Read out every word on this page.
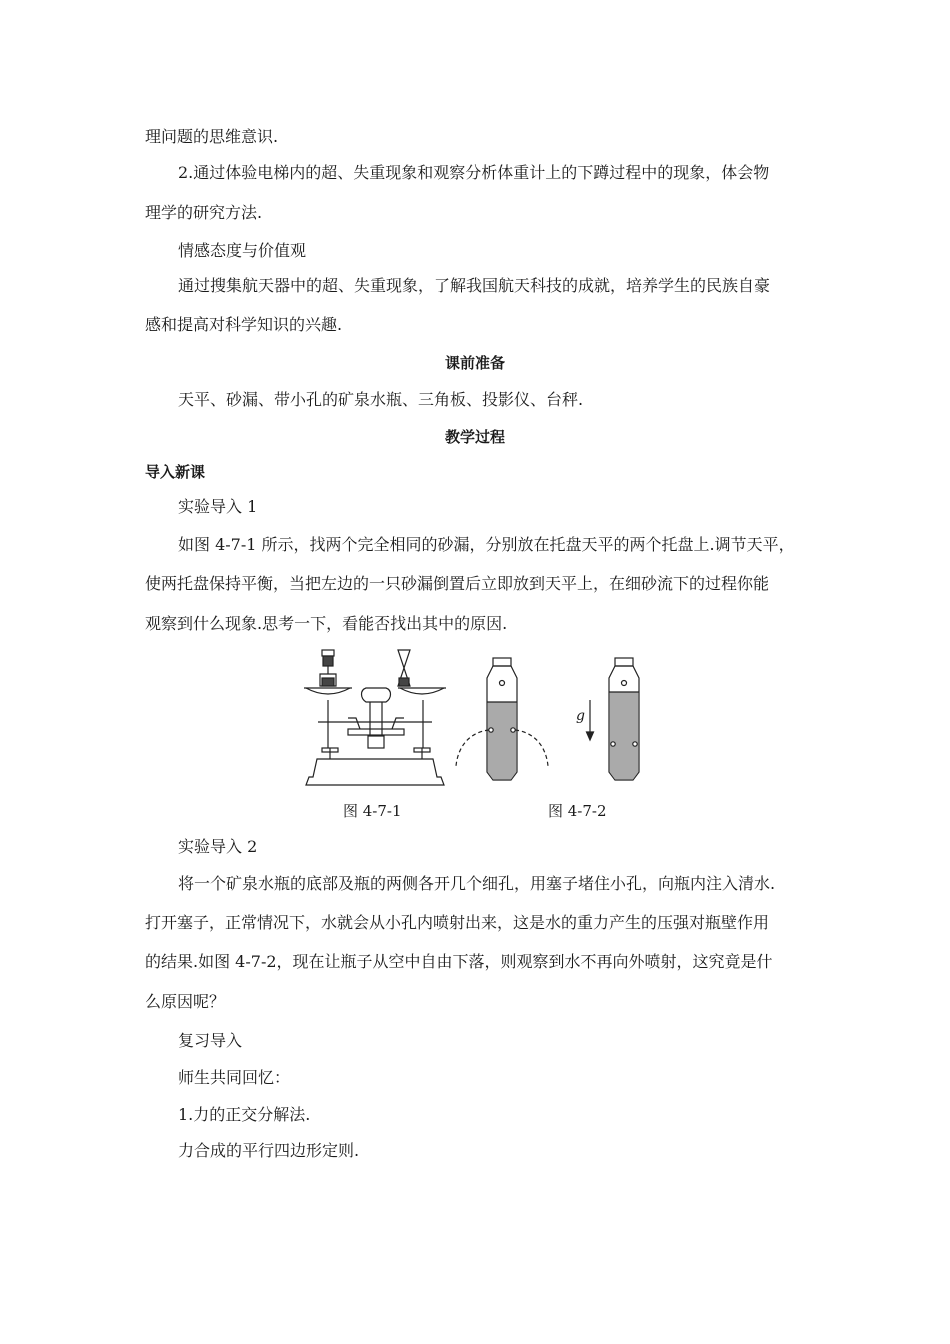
理问题的思维意识.
2.通过体验电梯内的超、失重现象和观察分析体重计上的下蹲过程中的现象，体会物
理学的研究方法.
情感态度与价值观
通过搜集航天器中的超、失重现象，了解我国航天科技的成就，培养学生的民族自豪
感和提高对科学知识的兴趣.
课前准备
天平、砂漏、带小孔的矿泉水瓶、三角板、投影仪、台秤.
教学过程
导入新课
实验导入 1
如图 4-7-1 所示，找两个完全相同的砂漏，分别放在托盘天平的两个托盘上.调节天平，
使两托盘保持平衡，当把左边的一只砂漏倒置后立即放到天平上，在细砂流下的过程你能
观察到什么现象.思考一下，看能否找出其中的原因.
g
图 4-7-1	图 4-7-2
实验导入 2
将一个矿泉水瓶的底部及瓶的两侧各开几个细孔，用塞子堵住小孔，向瓶内注入清水.
打开塞子，正常情况下，水就会从小孔内喷射出来，这是水的重力产生的压强对瓶壁作用
的结果.如图 4-7-2，现在让瓶子从空中自由下落，则观察到水不再向外喷射，这究竟是什
么原因呢？
复习导入
师生共同回忆：
1.力的正交分解法.
力合成的平行四边形定则.
